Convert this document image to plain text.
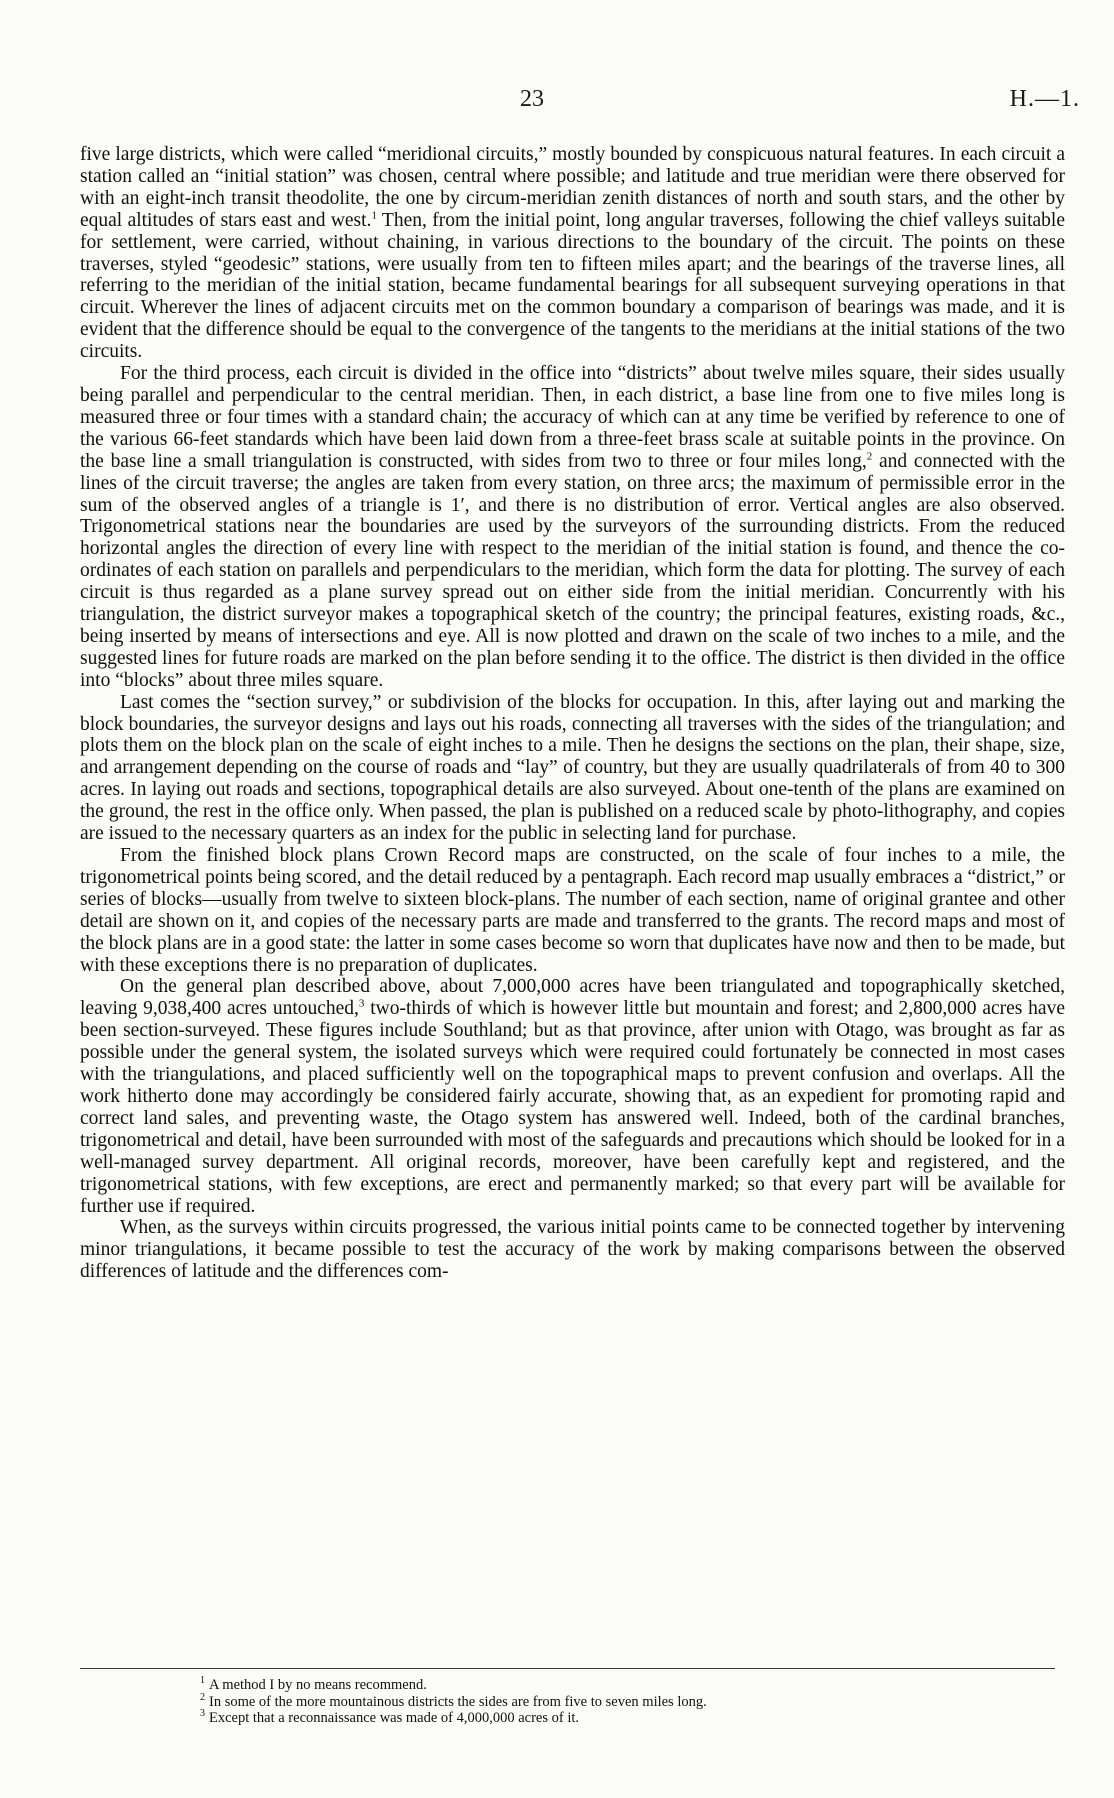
23	H.—1.

five large districts, which were called “meridional circuits,” mostly bounded by conspicuous natural features. In each circuit a station called an “initial station” was chosen, central where possible; and latitude and true meridian were there observed for with an eight-inch transit theodolite, the one by circum-meridian zenith distances of north and south stars, and the other by equal altitudes of stars east and west.$^1$ Then, from the initial point, long angular traverses, following the chief valleys suitable for settlement, were carried, without chaining, in various directions to the boundary of the circuit. The points on these traverses, styled “geodesic” stations, were usually from ten to fifteen miles apart; and the bearings of the traverse lines, all referring to the meridian of the initial station, became fundamental bearings for all subsequent surveying operations in that circuit. Wherever the lines of adjacent circuits met on the common boundary a comparison of bearings was made, and it is evident that the difference should be equal to the convergence of the tangents to the meridians at the initial stations of the two circuits.

For the third process, each circuit is divided in the office into “districts” about twelve miles square, their sides usually being parallel and perpendicular to the central meridian. Then, in each district, a base line from one to five miles long is measured three or four times with a standard chain; the accuracy of which can at any time be verified by reference to one of the various 66-feet standards which have been laid down from a three-feet brass scale at suitable points in the province. On the base line a small triangulation is constructed, with sides from two to three or four miles long,$^2$ and connected with the lines of the circuit traverse; the angles are taken from every station, on three arcs; the maximum of permissible error in the sum of the observed angles of a triangle is 1′, and there is no distribution of error. Vertical angles are also observed. Trigonometrical stations near the boundaries are used by the surveyors of the surrounding districts. From the reduced horizontal angles the direction of every line with respect to the meridian of the initial station is found, and thence the co-ordinates of each station on parallels and perpendiculars to the meridian, which form the data for plotting. The survey of each circuit is thus regarded as a plane survey spread out on either side from the initial meridian. Concurrently with his triangulation, the district surveyor makes a topographical sketch of the country; the principal features, existing roads, &c., being inserted by means of intersections and eye. All is now plotted and drawn on the scale of two inches to a mile, and the suggested lines for future roads are marked on the plan before sending it to the office. The district is then divided in the office into “blocks” about three miles square.

Last comes the “section survey,” or subdivision of the blocks for occupation. In this, after laying out and marking the block boundaries, the surveyor designs and lays out his roads, connecting all traverses with the sides of the triangulation; and plots them on the block plan on the scale of eight inches to a mile. Then he designs the sections on the plan, their shape, size, and arrangement depending on the course of roads and “lay” of country, but they are usually quadrilaterals of from 40 to 300 acres. In laying out roads and sections, topographical details are also surveyed. About one-tenth of the plans are examined on the ground, the rest in the office only. When passed, the plan is published on a reduced scale by photo-lithography, and copies are issued to the necessary quarters as an index for the public in selecting land for purchase.

From the finished block plans Crown Record maps are constructed, on the scale of four inches to a mile, the trigonometrical points being scored, and the detail reduced by a pentagraph. Each record map usually embraces a “district,” or series of blocks—usually from twelve to sixteen block-plans. The number of each section, name of original grantee and other detail are shown on it, and copies of the necessary parts are made and transferred to the grants. The record maps and most of the block plans are in a good state: the latter in some cases become so worn that duplicates have now and then to be made, but with these exceptions there is no preparation of duplicates.

On the general plan described above, about 7,000,000 acres have been triangulated and topographically sketched, leaving 9,038,400 acres untouched,$^3$ two-thirds of which is however little but mountain and forest; and 2,800,000 acres have been section-surveyed. These figures include Southland; but as that province, after union with Otago, was brought as far as possible under the general system, the isolated surveys which were required could fortunately be connected in most cases with the triangulations, and placed sufficiently well on the topographical maps to prevent confusion and overlaps. All the work hitherto done may accordingly be considered fairly accurate, showing that, as an expedient for promoting rapid and correct land sales, and preventing waste, the Otago system has answered well. Indeed, both of the cardinal branches, trigonometrical and detail, have been surrounded with most of the safeguards and precautions which should be looked for in a well-managed survey department. All original records, moreover, have been carefully kept and registered, and the trigonometrical stations, with few exceptions, are erect and permanently marked; so that every part will be available for further use if required.

When, as the surveys within circuits progressed, the various initial points came to be connected together by intervening minor triangulations, it became possible to test the accuracy of the work by making comparisons between the observed differences of latitude and the differences com-

$^1$ A method I by no means recommend.
$^2$ In some of the more mountainous districts the sides are from five to seven miles long.
$^3$ Except that a reconnaissance was made of 4,000,000 acres of it.
